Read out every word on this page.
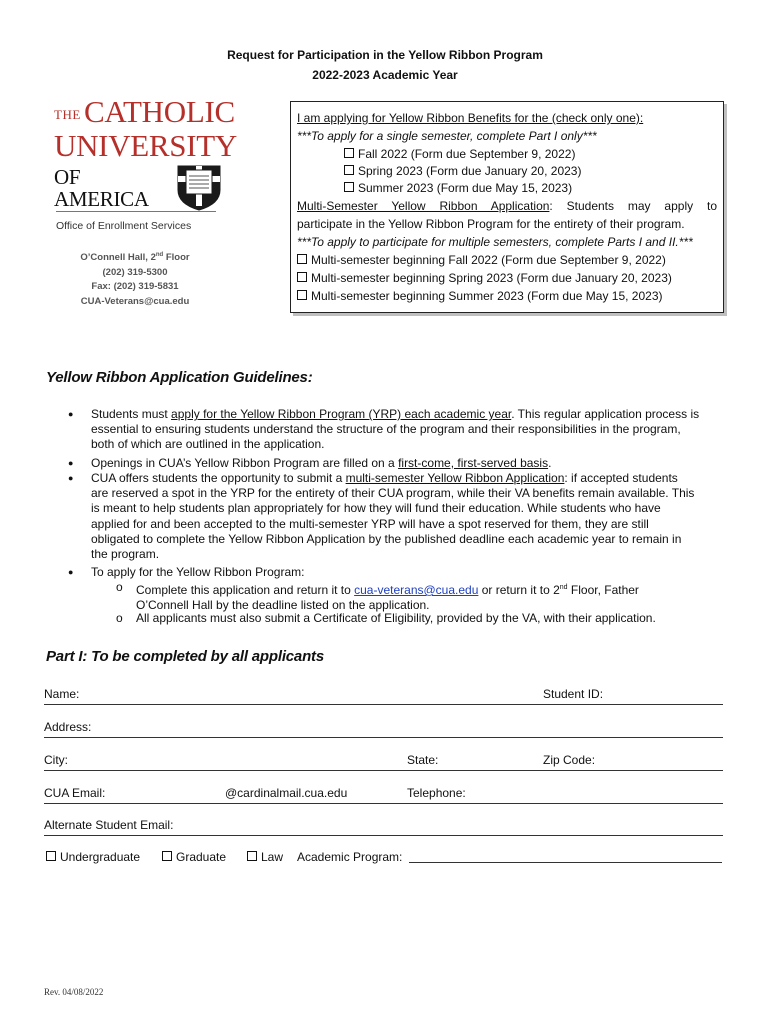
Request for Participation in the Yellow Ribbon Program
2022-2023 Academic Year
THE CATHOLIC
UNIVERSITY
OF AMERICA
Office of Enrollment Services
O’Connell Hall, 2nd Floor
(202) 319-5300
Fax: (202) 319-5831
CUA-Veterans@cua.edu
I am applying for Yellow Ribbon Benefits for the (check only one):
***To apply for a single semester, complete Part I only***
Fall 2022 (Form due September 9, 2022)
Spring 2023 (Form due January 20, 2023)
Summer 2023 (Form due May 15, 2023)
Multi-Semester Yellow Ribbon Application: Students may apply to
participate in the Yellow Ribbon Program for the entirety of their program.
***To apply to participate for multiple semesters, complete Parts I and II.***
Multi-semester beginning Fall 2022 (Form due September 9, 2022)
Multi-semester beginning Spring 2023 (Form due January 20, 2023)
Multi-semester beginning Summer 2023 (Form due May 15, 2023)
Yellow Ribbon Application Guidelines:
● Students must apply for the Yellow Ribbon Program (YRP) each academic year. This regular application process is
essential to ensuring students understand the structure of the program and their responsibilities in the program,
both of which are outlined in the application.
● Openings in CUA’s Yellow Ribbon Program are filled on a first-come, first-served basis.
● CUA offers students the opportunity to submit a multi-semester Yellow Ribbon Application: if accepted students
are reserved a spot in the YRP for the entirety of their CUA program, while their VA benefits remain available. This
is meant to help students plan appropriately for how they will fund their education. While students who have
applied for and been accepted to the multi-semester YRP will have a spot reserved for them, they are still
obligated to complete the Yellow Ribbon Application by the published deadline each academic year to remain in
the program.
● To apply for the Yellow Ribbon Program:
o Complete this application and return it to cua-veterans@cua.edu or return it to 2nd Floor, Father
O’Connell Hall by the deadline listed on the application.
o All applicants must also submit a Certificate of Eligibility, provided by the VA, with their application.
Part I: To be completed by all applicants
Name:	Student ID:
Address:
City:	State:	Zip Code:
CUA Email:	@cardinalmail.cua.edu	Telephone:
Alternate Student Email:
Undergraduate	Graduate	Law Academic Program:
Rev. 04/08/2022
